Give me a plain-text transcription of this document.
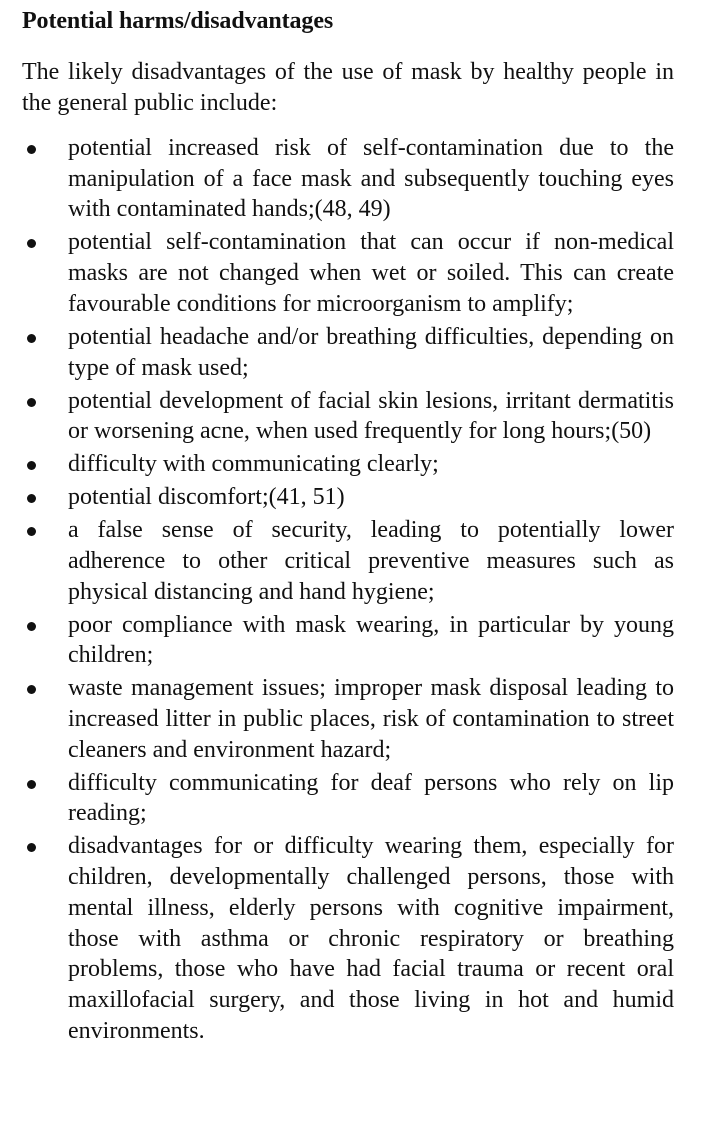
Potential harms/disadvantages
The likely disadvantages of the use of mask by healthy people in the general public include:
potential increased risk of self-contamination due to the manipulation of a face mask and subsequently touching eyes with contaminated hands;(48, 49)
potential self-contamination that can occur if non-medical masks are not changed when wet or soiled. This can create favourable conditions for microorganism to amplify;
potential headache and/or breathing difficulties, depending on type of mask used;
potential development of facial skin lesions, irritant dermatitis or worsening acne, when used frequently for long hours;(50)
difficulty with communicating clearly;
potential discomfort;(41, 51)
a false sense of security, leading to potentially lower adherence to other critical preventive measures such as physical distancing and hand hygiene;
poor compliance with mask wearing, in particular by young children;
waste management issues; improper mask disposal leading to increased litter in public places, risk of contamination to street cleaners and environment hazard;
difficulty communicating for deaf persons who rely on lip reading;
disadvantages for or difficulty wearing them, especially for children, developmentally challenged persons, those with mental illness, elderly persons with cognitive impairment, those with asthma or chronic respiratory or breathing problems, those who have had facial trauma or recent oral maxillofacial surgery, and those living in hot and humid environments.
